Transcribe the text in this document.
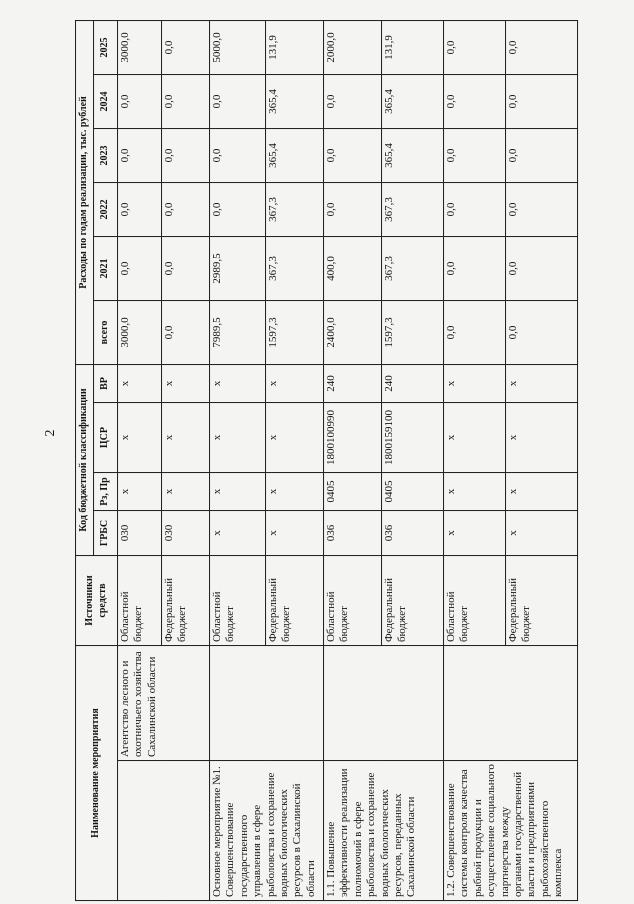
2
Наименование мероприятия		Источники средств	Код бюджетной классификации				Расходы по годам реализации, тыс. рублей					
			ГРБС	Рз, Пр	ЦСР	ВР	всего	2021	2022	2023	2024	2025
	Агентство лесного и охотничьего хозяйства Сахалинской области	Областной бюджет	030	х	х	х	3000,0	0,0	0,0	0,0	0,0	3000,0
		Федеральный бюджет	030	х	х	х	0,0	0,0	0,0	0,0	0,0	0,0
Основное мероприятие №1. Совершенствование государственного управления в сфере рыболовства и сохранение водных биологических ресурсов в Сахалинской области		Областной бюджет	х	х	х	х	7989,5	2989,5	0,0	0,0	0,0	5000,0
		Федеральный бюджет	х	х	х	х	1597,3	367,3	367,3	365,4	365,4	131,9
1.1. Повышение эффективности реализации полномочий в сфере рыболовства и сохранение водных биологических ресурсов, переданных Сахалинской области		Областной бюджет	036	0405	1800100990	240	2400,0	400,0	0,0	0,0	0,0	2000,0
		Федеральный бюджет	036	0405	1800159100	240	1597,3	367,3	367,3	365,4	365,4	131,9
1.2. Совершенствование системы контроля качества рыбной продукции и осуществление социального партнерства между органами государственной власти и предприятиями рыбохозяйственного комплекса		Областной бюджет	х	х	х	х	0,0	0,0	0,0	0,0	0,0	0,0
		Федеральный бюджет	х	х	х	х	0,0	0,0	0,0	0,0	0,0	0,0
